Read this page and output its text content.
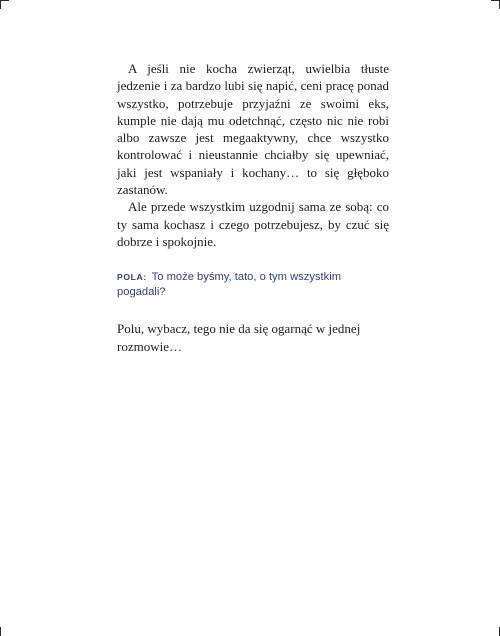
A jeśli nie kocha zwierząt, uwielbia tłuste jedzenie i za bardzo lubi się napić, ceni pracę ponad wszystko, potrzebuje przyjaźni ze swoimi eks, kumple nie dają mu odetchnąć, często nic nie robi albo zawsze jest megaaktywny, chce wszystko kontrolować i nieustannie chciałby się upewniać, jaki jest wspaniały i kochany… to się głęboko zastanów.

Ale przede wszystkim uzgodnij sama ze sobą: co ty sama kochasz i czego potrzebujesz, by czuć się dobrze i spokojnie.

POLA: To może byśmy, tato, o tym wszystkim pogadali?

Polu, wybacz, tego nie da się ogarnąć w jednej rozmowie…
